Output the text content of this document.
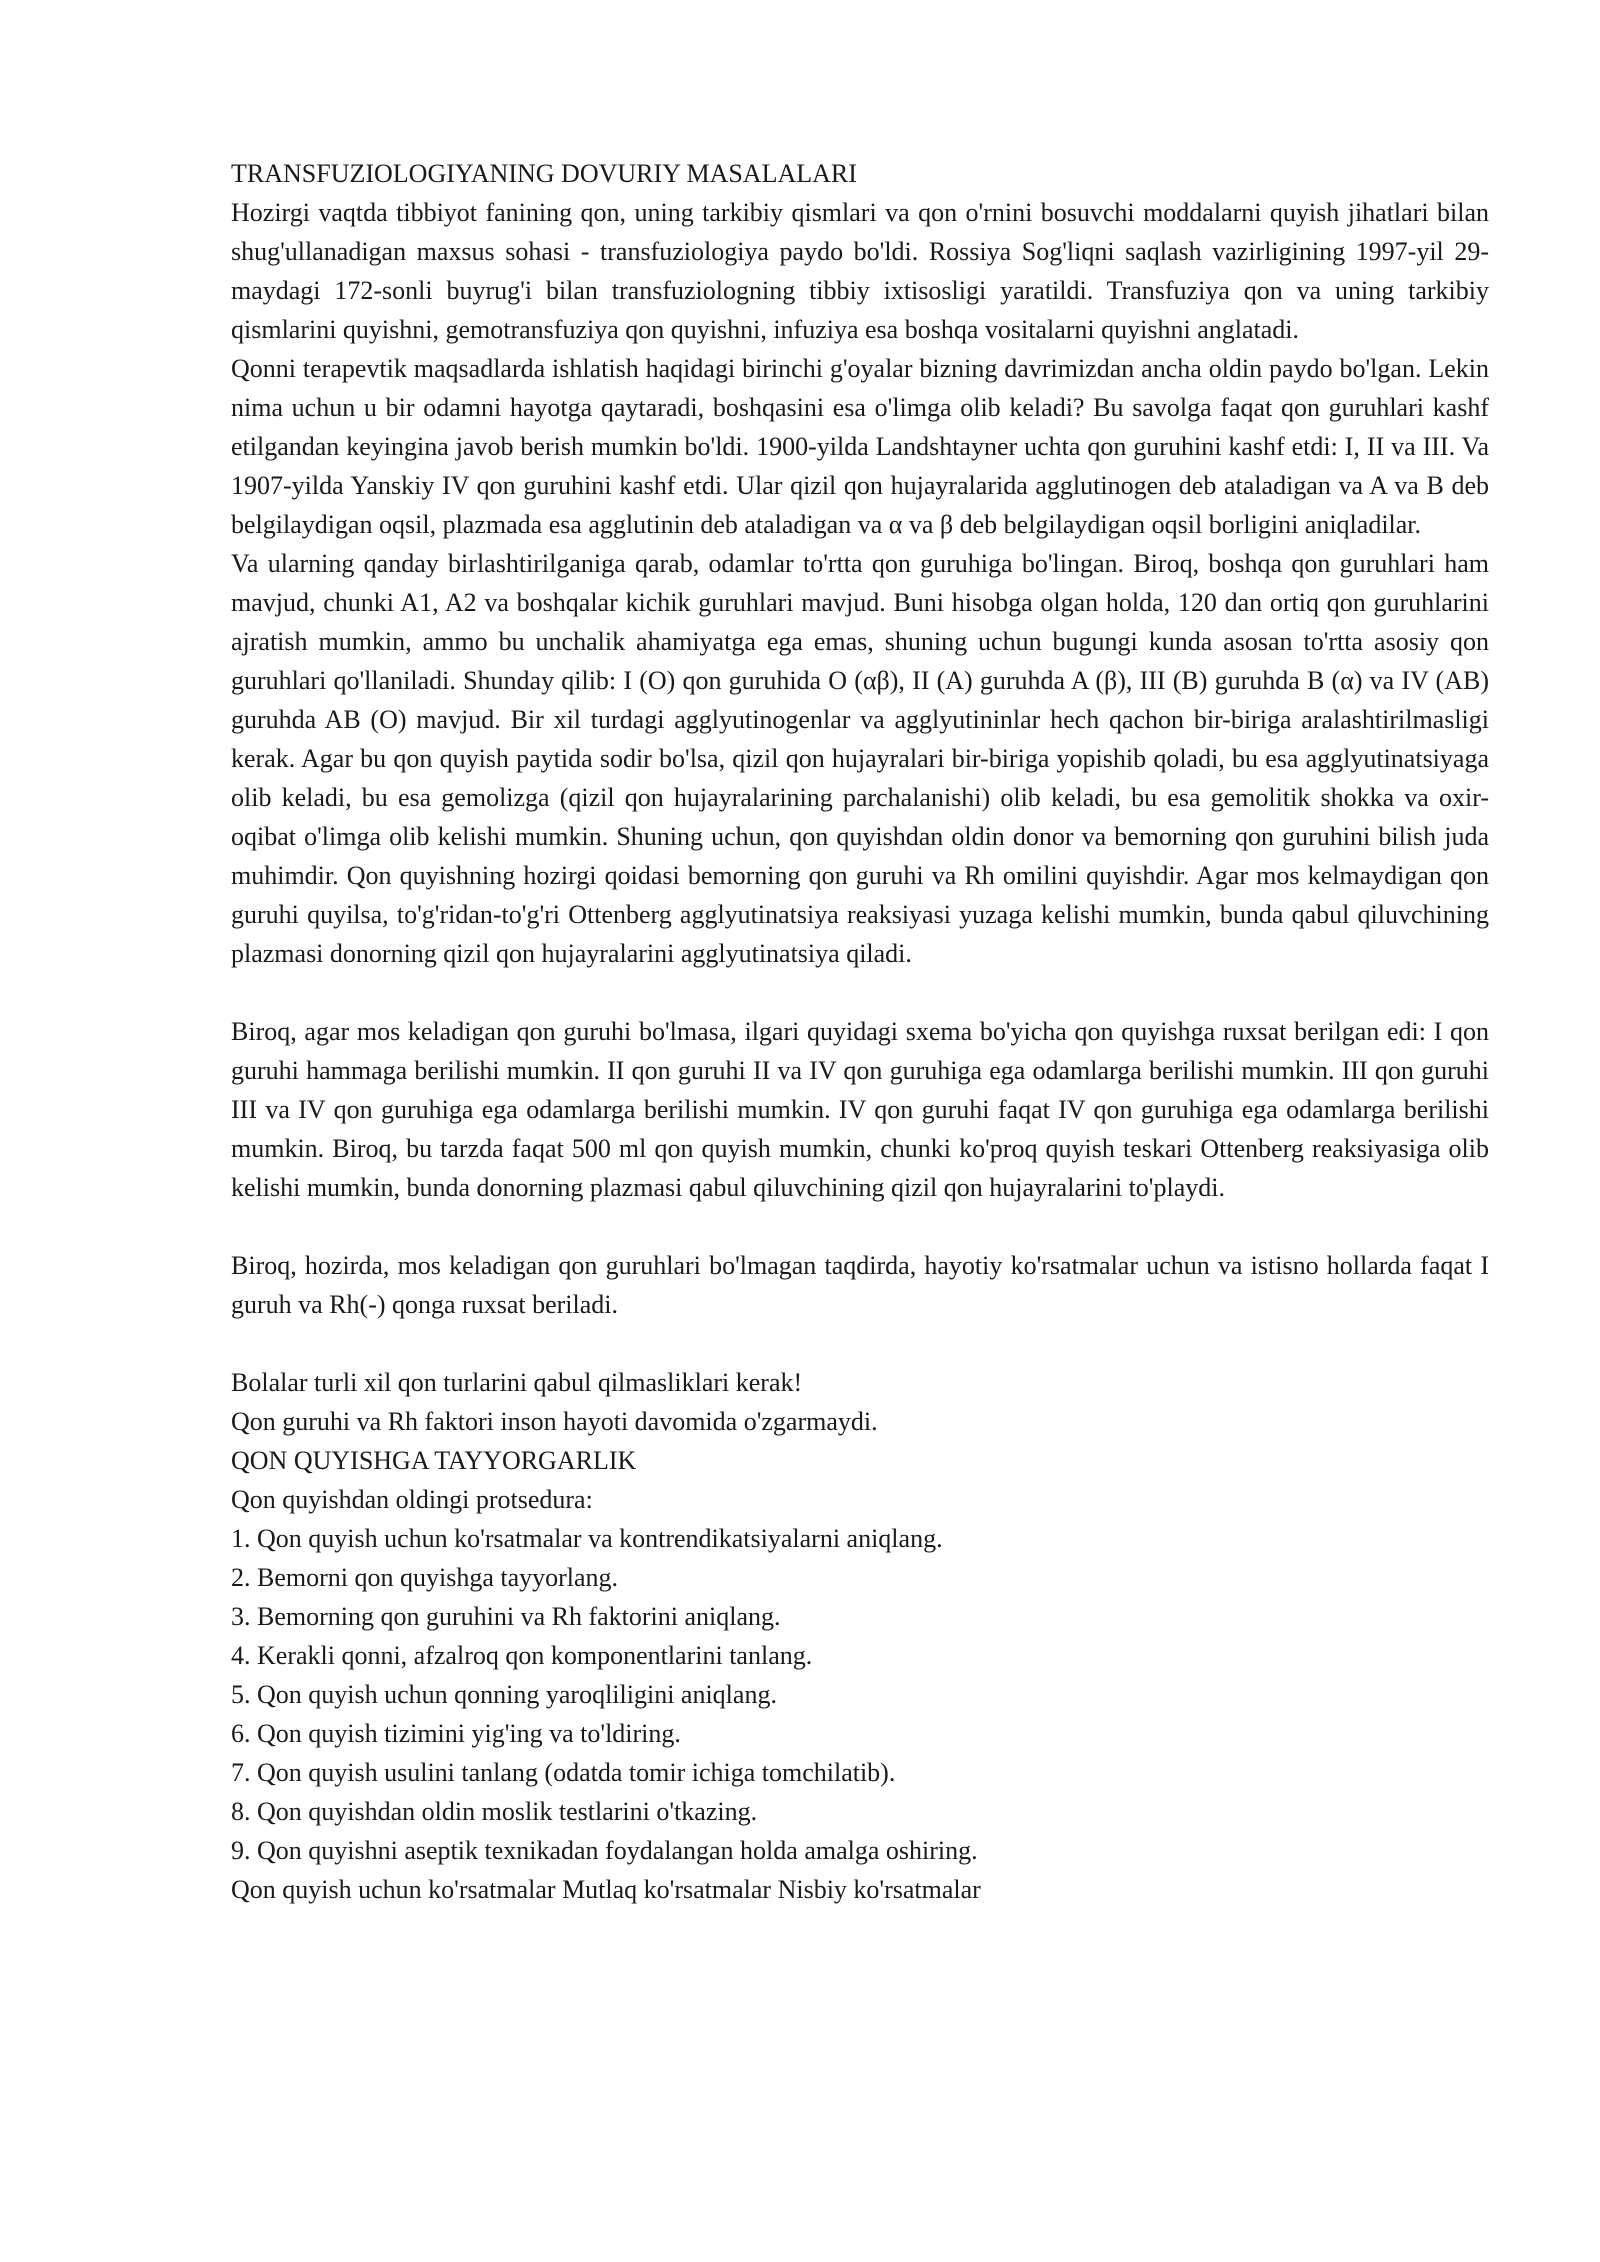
TRANSFUZIOLOGIYANING DOVURIY MASALALARI

Hozirgi vaqtda tibbiyot fanining qon, uning tarkibiy qismlari va qon o'rnini bosuvchi moddalarni quyish jihatlari bilan shug'ullanadigan maxsus sohasi - transfuziologiya paydo bo'ldi. Rossiya Sog'liqni saqlash vazirligining 1997-yil 29-maydagi 172-sonli buyrug'i bilan transfuziologning tibbiy ixtisosligi yaratildi. Transfuziya qon va uning tarkibiy qismlarini quyishni, gemotransfuziya qon quyishni, infuziya esa boshqa vositalarni quyishni anglatadi.

Qonni terapevtik maqsadlarda ishlatish haqidagi birinchi g'oyalar bizning davrimizdan ancha oldin paydo bo'lgan. Lekin nima uchun u bir odamni hayotga qaytaradi, boshqasini esa o'limga olib keladi? Bu savolga faqat qon guruhlari kashf etilgandan keyingina javob berish mumkin bo'ldi. 1900-yilda Landshtayner uchta qon guruhini kashf etdi: I, II va III. Va 1907-yilda Yanskiy IV qon guruhini kashf etdi. Ular qizil qon hujayralarida agglutinogen deb ataladigan va A va B deb belgilaydigan oqsil, plazmada esa agglutinin deb ataladigan va α va β deb belgilaydigan oqsil borligini aniqladilar.

Va ularning qanday birlashtirilganiga qarab, odamlar to'rtta qon guruhiga bo'lingan. Biroq, boshqa qon guruhlari ham mavjud, chunki A1, A2 va boshqalar kichik guruhlari mavjud. Buni hisobga olgan holda, 120 dan ortiq qon guruhlarini ajratish mumkin, ammo bu unchalik ahamiyatga ega emas, shuning uchun bugungi kunda asosan to'rtta asosiy qon guruhlari qo'llaniladi. Shunday qilib: I (O) qon guruhida O (αβ), II (A) guruhda A (β), III (B) guruhda B (α) va IV (AB) guruhda AB (O) mavjud. Bir xil turdagi agglyutinogenlar va agglyutininlar hech qachon bir-biriga aralashtirilmasligi kerak. Agar bu qon quyish paytida sodir bo'lsa, qizil qon hujayralari bir-biriga yopishib qoladi, bu esa agglyutinatsiyaga olib keladi, bu esa gemolizga (qizil qon hujayralarining parchalanishi) olib keladi, bu esa gemolitik shokka va oxir-oqibat o'limga olib kelishi mumkin. Shuning uchun, qon quyishdan oldin donor va bemorning qon guruhini bilish juda muhimdir. Qon quyishning hozirgi qoidasi bemorning qon guruhi va Rh omilini quyishdir. Agar mos kelmaydigan qon guruhi quyilsa, to'g'ridan-to'g'ri Ottenberg agglyutinatsiya reaksiyasi yuzaga kelishi mumkin, bunda qabul qiluvchining plazmasi donorning qizil qon hujayralarini agglyutinatsiya qiladi.

Biroq, agar mos keladigan qon guruhi bo'lmasa, ilgari quyidagi sxema bo'yicha qon quyishga ruxsat berilgan edi: I qon guruhi hammaga berilishi mumkin. II qon guruhi II va IV qon guruhiga ega odamlarga berilishi mumkin. III qon guruhi III va IV qon guruhiga ega odamlarga berilishi mumkin. IV qon guruhi faqat IV qon guruhiga ega odamlarga berilishi mumkin. Biroq, bu tarzda faqat 500 ml qon quyish mumkin, chunki ko'proq quyish teskari Ottenberg reaksiyasiga olib kelishi mumkin, bunda donorning plazmasi qabul qiluvchining qizil qon hujayralarini to'playdi.

Biroq, hozirda, mos keladigan qon guruhlari bo'lmagan taqdirda, hayotiy ko'rsatmalar uchun va istisno hollarda faqat I guruh va Rh(-) qonga ruxsat beriladi.

Bolalar turli xil qon turlarini qabul qilmasliklari kerak!
Qon guruhi va Rh faktori inson hayoti davomida o'zgarmaydi.
QON QUYISHGA TAYYORGARLIK
Qon quyishdan oldingi protsedura:
1. Qon quyish uchun ko'rsatmalar va kontrendikatsiyalarni aniqlang.
2. Bemorni qon quyishga tayyorlang.
3. Bemorning qon guruhini va Rh faktorini aniqlang.
4. Kerakli qonni, afzalroq qon komponentlarini tanlang.
5. Qon quyish uchun qonning yaroqliligini aniqlang.
6. Qon quyish tizimini yig'ing va to'ldiring.
7. Qon quyish usulini tanlang (odatda tomir ichiga tomchilatib).
8. Qon quyishdan oldin moslik testlarini o'tkazing.
9. Qon quyishni aseptik texnikadan foydalangan holda amalga oshiring.
Qon quyish uchun ko'rsatmalar Mutlaq ko'rsatmalar Nisbiy ko'rsatmalar
